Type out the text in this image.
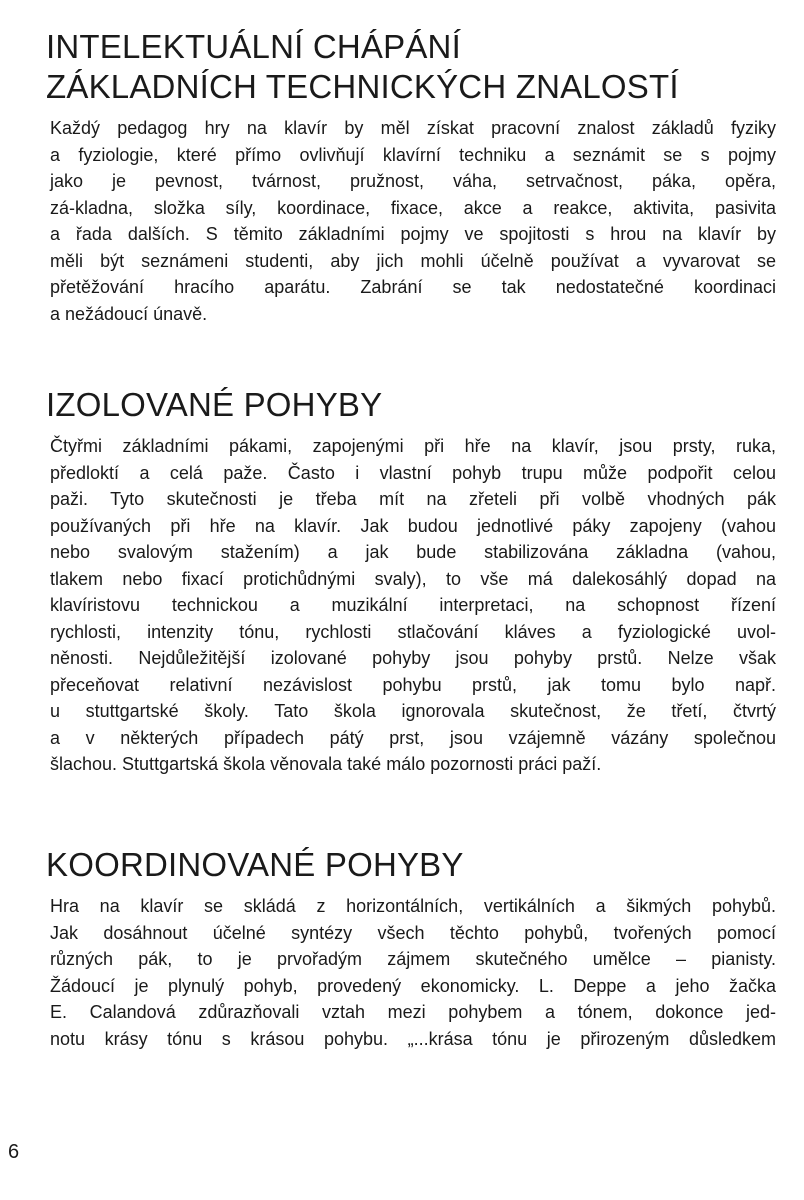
INTELEKTUÁLNÍ CHÁPÁNÍ
ZÁKLADNÍCH TECHNICKÝCH ZNALOSTÍ
Každý pedagog hry na klavír by měl získat pracovní znalost základů fyziky
a fyziologie, které přímo ovlivňují klavírní techniku a seznámit se s pojmy
jako je pevnost, tvárnost, pružnost, váha, setrvačnost, páka, opěra,
zá-kladna, složka síly, koordinace, fixace, akce a reakce, aktivita, pasivita
a řada dalších. S těmito základními pojmy ve spojitosti s hrou na klavír by
měli být seznámeni studenti, aby jich mohli účelně používat a vyvarovat se
přetěžování hracího aparátu. Zabrání se tak nedostatečné koordinaci
a nežádoucí únavě.
IZOLOVANÉ POHYBY
Čtyřmi základními pákami, zapojenými při hře na klavír, jsou prsty, ruka,
předloktí a celá paže. Často i vlastní pohyb trupu může podpořit celou
paži. Tyto skutečnosti je třeba mít na zřeteli při volbě vhodných pák
používaných při hře na klavír. Jak budou jednotlivé páky zapojeny (vahou
nebo svalovým stažením) a jak bude stabilizována základna (vahou,
tlakem nebo fixací protichůdnými svaly), to vše má dalekosáhlý dopad na
klavíristovu technickou a muzikální interpretaci, na schopnost řízení
rychlosti, intenzity tónu, rychlosti stlačování kláves a fyziologické uvol-
něnosti. Nejdůležitější izolované pohyby jsou pohyby prstů. Nelze však
přeceňovat relativní nezávislost pohybu prstů, jak tomu bylo např.
u stuttgartské školy. Tato škola ignorovala skutečnost, že třetí, čtvrtý
a v některých případech pátý prst, jsou vzájemně vázány společnou
šlachou. Stuttgartská škola věnovala také málo pozornosti práci paží.
KOORDINOVANÉ POHYBY
Hra na klavír se skládá z horizontálních, vertikálních a šikmých pohybů.
Jak dosáhnout účelné syntézy všech těchto pohybů, tvořených pomocí
různých pák, to je prvořadým zájmem skutečného umělce – pianisty.
Žádoucí je plynulý pohyb, provedený ekonomicky. L. Deppe a jeho žačka
E. Calandová zdůrazňovali vztah mezi pohybem a tónem, dokonce jed-
notu krásy tónu s krásou pohybu. „...krása tónu je přirozeným důsledkem
6
